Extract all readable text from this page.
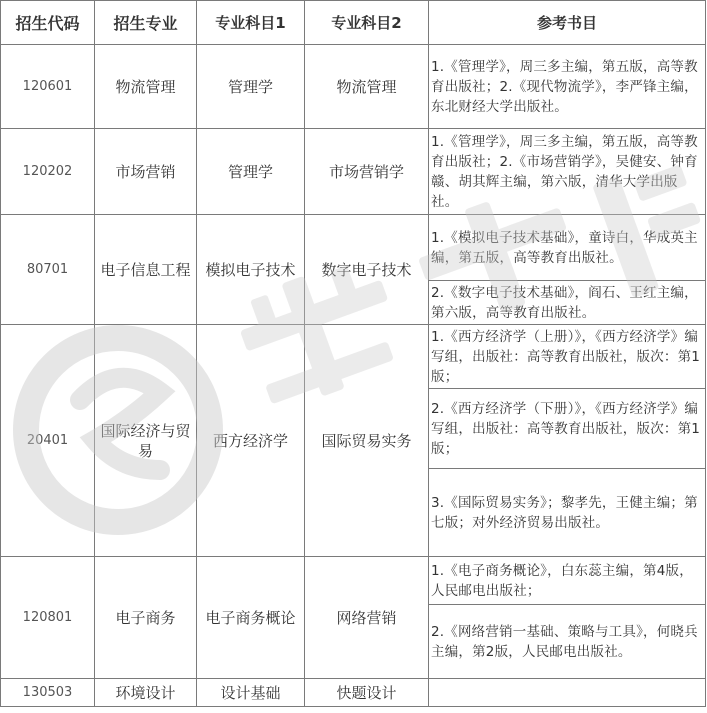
招生代码	招生专业	专业科目1	专业科目2	参考书目
120601	物流管理	管理学	物流管理	1.《管理学》，周三多主编，第五版，高等教育出版社；2.《现代物流学》，李严锋主编，东北财经大学出版社。
120202	市场营销	管理学	市场营销学	1.《管理学》，周三多主编，第五版，高等教育出版社；2.《市场营销学》，吴健安、钟育赣、胡其辉主编，第六版，清华大学出版社。
80701	电子信息工程	模拟电子技术	数字电子技术	1.《模拟电子技术基础》，童诗白，华成英主编，第五版，高等教育出版社。
				2.《数字电子技术基础》，阎石、王红主编，第六版，高等教育出版社。
20401	国际经济与贸易	西方经济学	国际贸易实务	1.《西方经济学（上册）》，《西方经济学》编写组，出版社：高等教育出版社，版次：第1版；
				2.《西方经济学（下册）》，《西方经济学》编写组，出版社：高等教育出版社，版次：第1版；
				3.《国际贸易实务》；黎孝先，王健主编；第七版；对外经济贸易出版社。
120801	电子商务	电子商务概论	网络营销	1.《电子商务概论》，白东蕊主编，第4版，人民邮电出版社；
				2.《网络营销一基础、策略与工具》，何晓兵主编，第2版，人民邮电出版社。
130503	环境设计	设计基础	快题设计	
